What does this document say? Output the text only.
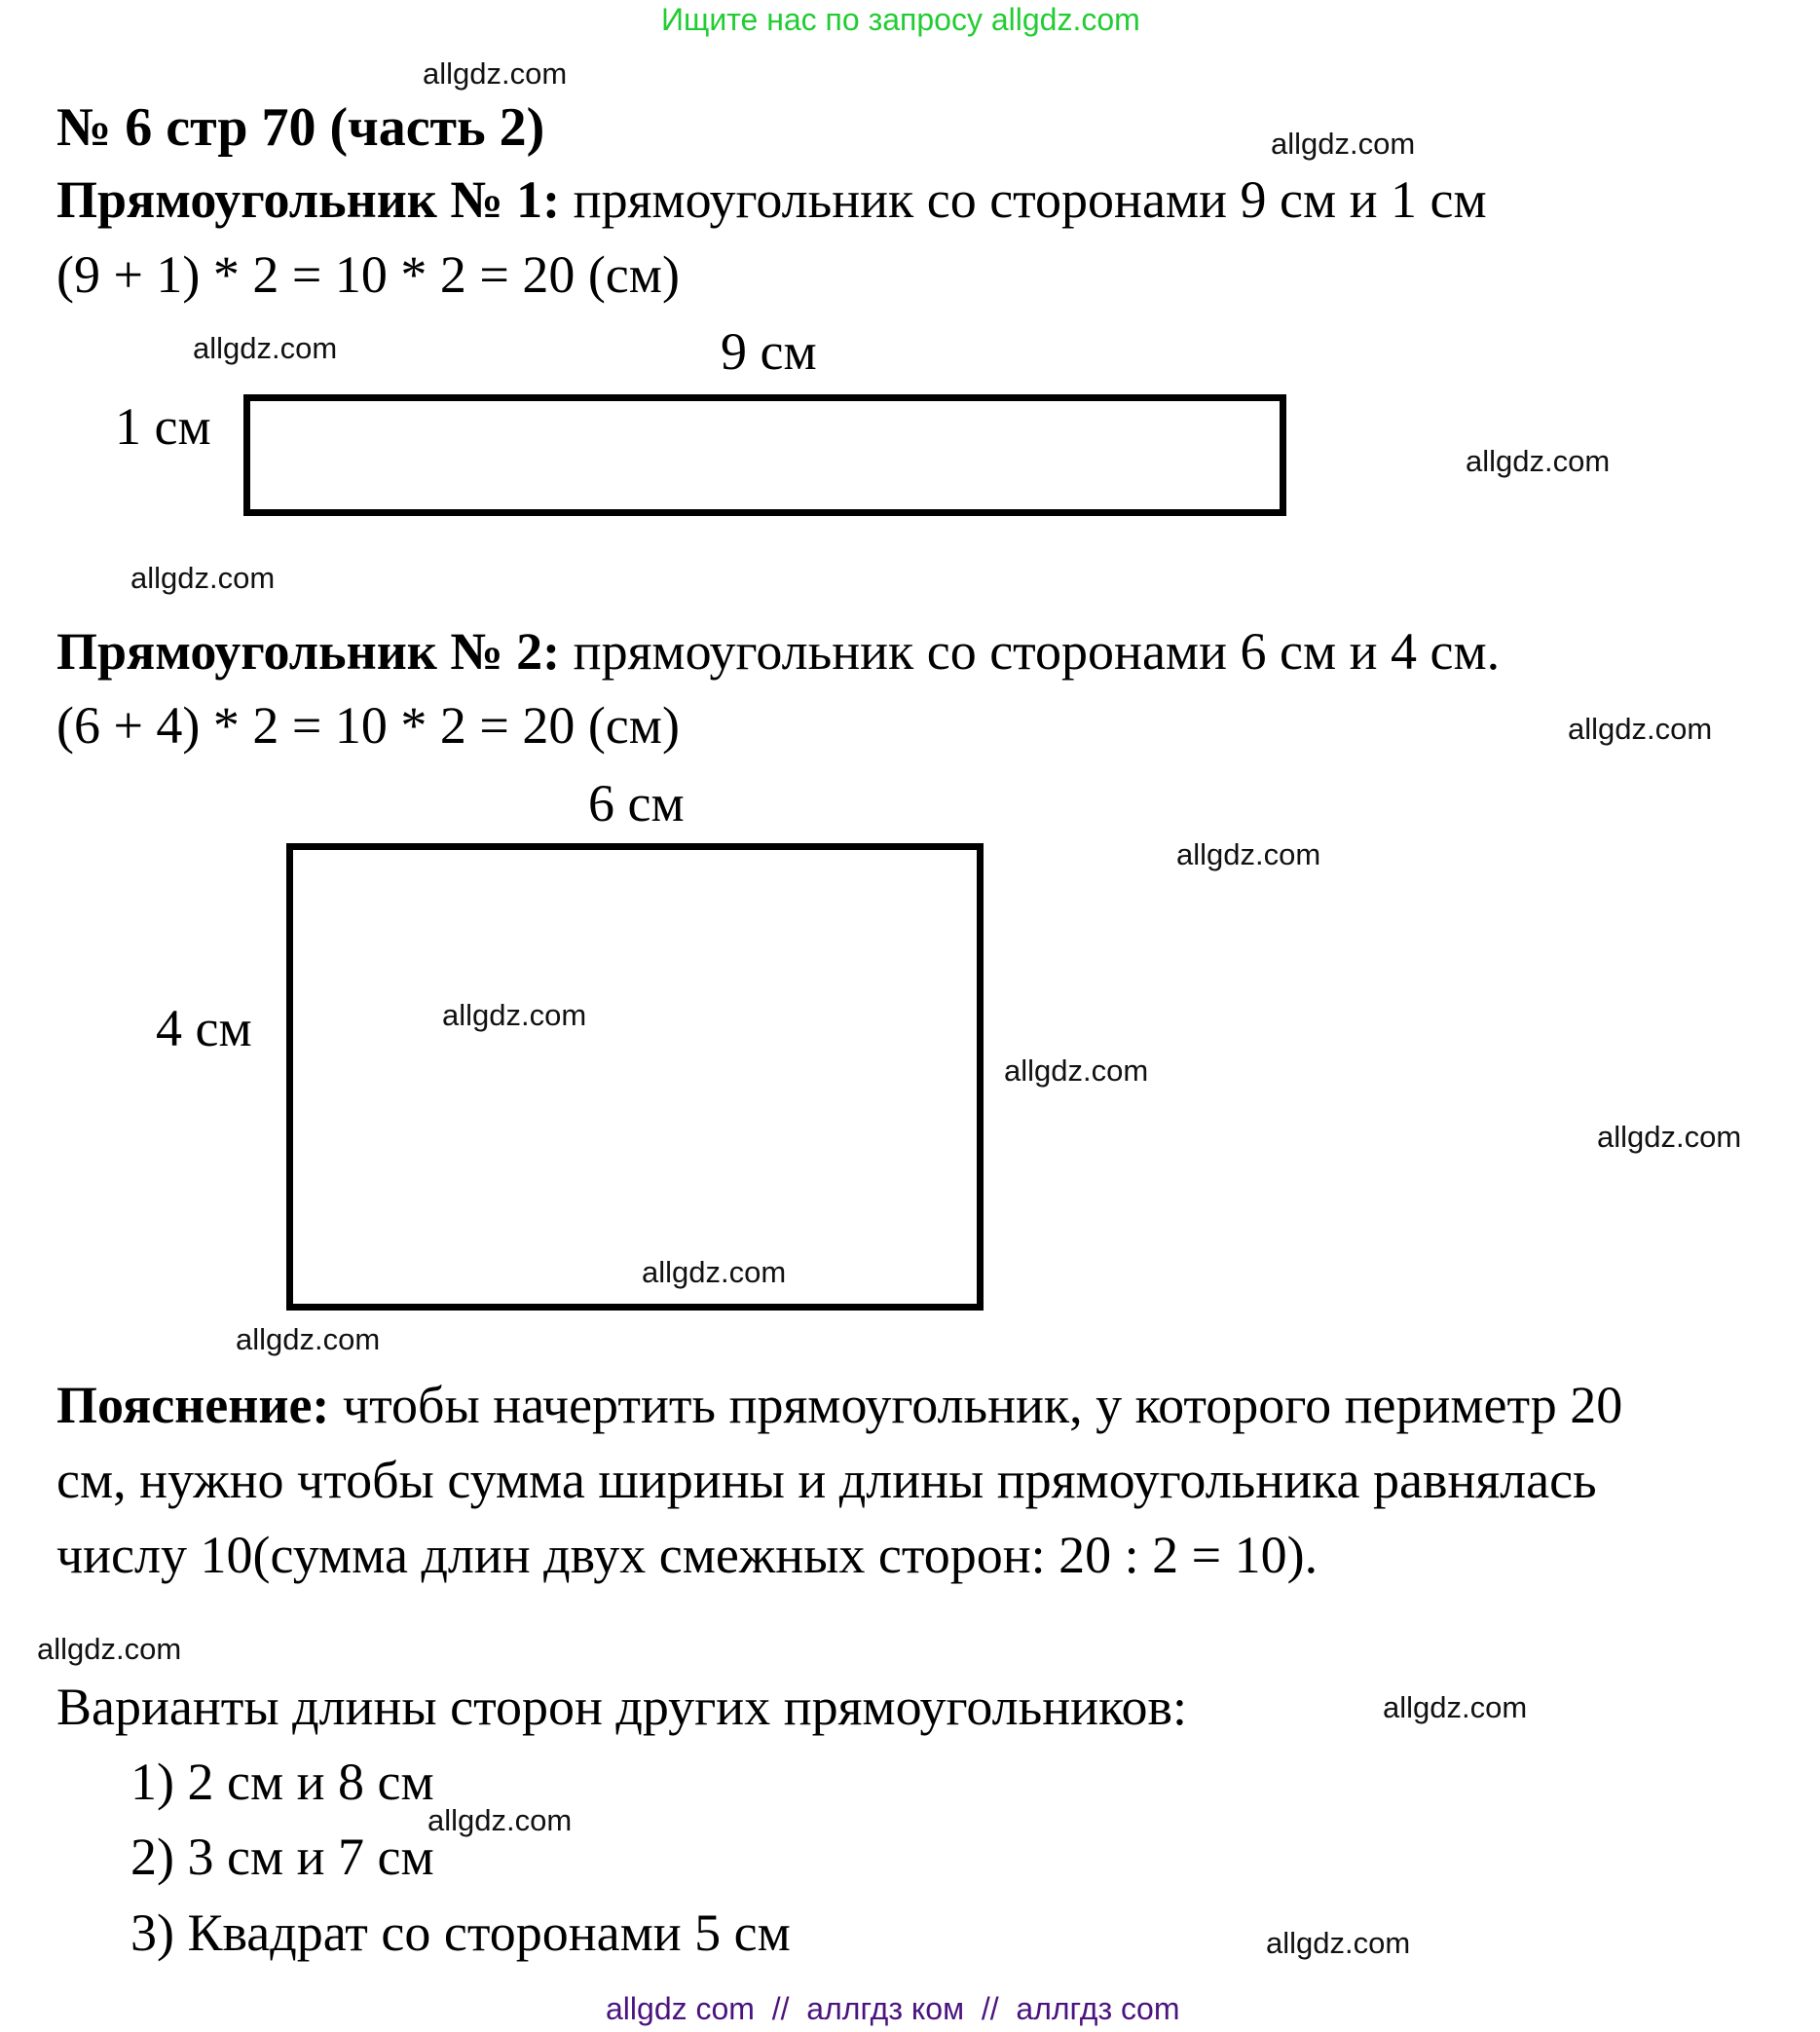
Ищите нас по запросу allgdz.com
№ 6 стр 70 (часть 2)
Прямоугольник № 1: прямоугольник со сторонами 9 см и 1 см
(9 + 1) * 2 = 10 * 2 = 20 (см)
9 см
1 см
Прямоугольник № 2: прямоугольник со сторонами 6 см и 4 см.
(6 + 4) * 2 = 10 * 2 = 20 (см)
6 см
4 см
Пояснение: чтобы начертить прямоугольник, у которого периметр 20
см, нужно чтобы сумма ширины и длины прямоугольника равнялась
числу 10(сумма длин двух смежных сторон: 20 : 2 = 10).
Варианты длины сторон других прямоугольников:
1) 2 см и 8 см
2) 3 см и 7 см
3) Квадрат со сторонами 5 см
allgdz.com
allgdz.com
allgdz.com
allgdz.com
allgdz.com
allgdz.com
allgdz.com
allgdz.com
allgdz.com
allgdz.com
allgdz.com
allgdz.com
allgdz.com
allgdz.com
allgdz.com
allgdz.com
allgdz com  //  аллгдз ком  //  аллгдз com
